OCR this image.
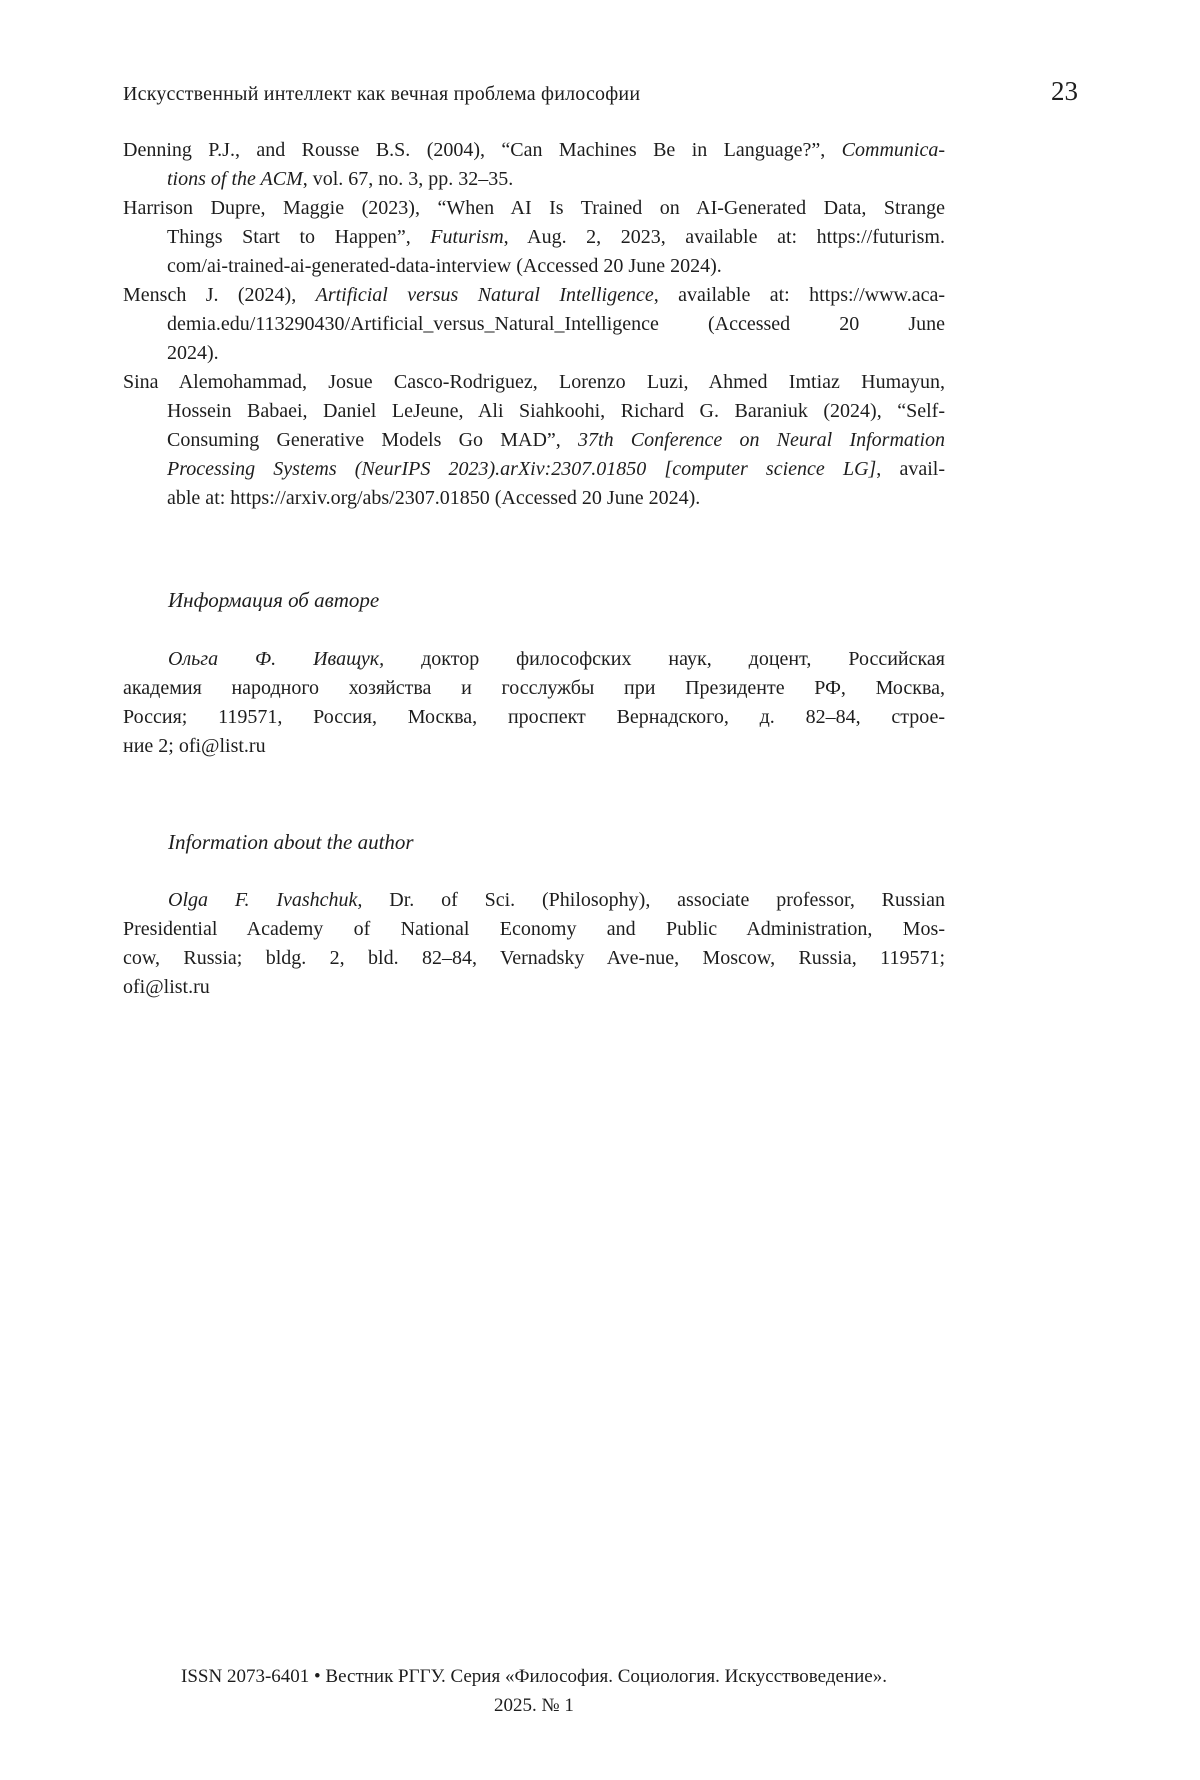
Искусственный интеллект как вечная проблема философии	23
Denning P.J., and Rousse B.S. (2004), “Can Machines Be in Language?”, Communica-
tions of the ACM, vol. 67, no. 3, pp. 32–35.
Harrison Dupre, Maggie (2023), “When AI Is Trained on AI-Generated Data, Strange
Things Start to Happen”, Futurism, Aug. 2, 2023, available at: https://futurism.
com/ai-trained-ai-generated-data-interview (Accessed 20 June 2024).
Mensch J. (2024), Artificial versus Natural Intelligence, available at: https://www.aca-
demia.edu/113290430/Artificial_versus_Natural_Intelligence (Accessed 20 June
2024).
Sina Alemohammad, Josue Casco-Rodriguez, Lorenzo Luzi, Ahmed Imtiaz Humayun,
Hossein Babaei, Daniel LeJeune, Ali Siahkoohi, Richard G. Baraniuk (2024), “Self-
Consuming Generative Models Go MAD”, 37th Conference on Neural Information
Processing Systems (NeurIPS 2023).arXiv:2307.01850 [computer science LG], avail-
able at: https://arxiv.org/abs/2307.01850 (Accessed 20 June 2024).
Информация об авторе
Ольга Ф. Иващук, доктор философских наук, доцент, Российская
академия народного хозяйства и госслужбы при Президенте РФ, Москва,
Россия; 119571, Россия, Москва, проспект Вернадского, д. 82–84, строе-
ние 2; ofi@list.ru
Information about the author
Olga F. Ivashchuk, Dr. of Sci. (Philosophy), associate professor, Russian
Presidential Academy of National Economy and Public Administration, Mos-
cow, Russia; bldg. 2, bld. 82–84, Vernadsky Ave-nue, Moscow, Russia, 119571;
ofi@list.ru
ISSN 2073-6401 • Вестник РГГУ. Серия «Философия. Социология. Искусствоведение».
2025. № 1
